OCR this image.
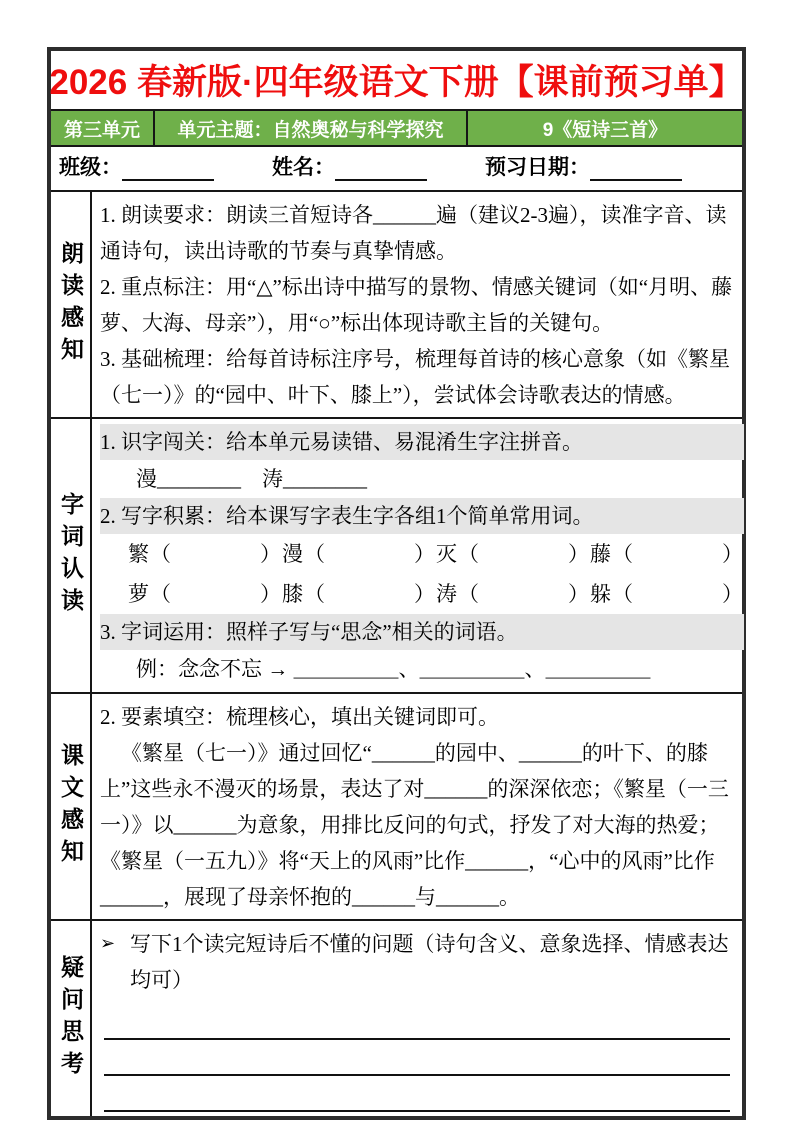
2026 春新版·四年级语文下册【课前预习单】
第三单元	单元主题：自然奥秘与科学探究	9《短诗三首》
班级：	姓名：	预习日期：
朗读感知
1. 朗读要求：朗读三首短诗各______遍（建议2-3遍），读准字音、读通诗句，读出诗歌的节奏与真挚情感。
2. 重点标注：用“△”标出诗中描写的景物、情感关键词（如“月明、藤萝、大海、母亲”），用“○”标出体现诗歌主旨的关键句。
3. 基础梳理：给每首诗标注序号，梳理每首诗的核心意象（如《繁星（七一）》的“园中、叶下、膝上”），尝试体会诗歌表达的情感。
字词认读
1. 识字闯关：给本单元易读错、易混淆生字注拼音。
漫________　涛________
2. 写字积累：给本课写字表生字各组1个简单常用词。
繁（　　　　）漫（　　　　）灭（　　　　）藤（　　　　）
萝（　　　　）膝（　　　　）涛（　　　　）躲（　　　　）
3. 字词运用：照样子写与“思念”相关的词语。
例：念念不忘 → ＿＿＿＿＿、＿＿＿＿＿、＿＿＿＿＿
课文感知
2. 要素填空：梳理核心，填出关键词即可。
《繁星（七一）》通过回忆“______的园中、______的叶下、的膝上”这些永不漫灭的场景，表达了对______的深深依恋；《繁星（一三一）》以______为意象，用排比反问的句式，抒发了对大海的热爱；《繁星（一五九）》将“天上的风雨”比作______，“心中的风雨”比作______，展现了母亲怀抱的______与______。
疑问思考
➢ 写下1个读完短诗后不懂的问题（诗句含义、意象选择、情感表达均可）
